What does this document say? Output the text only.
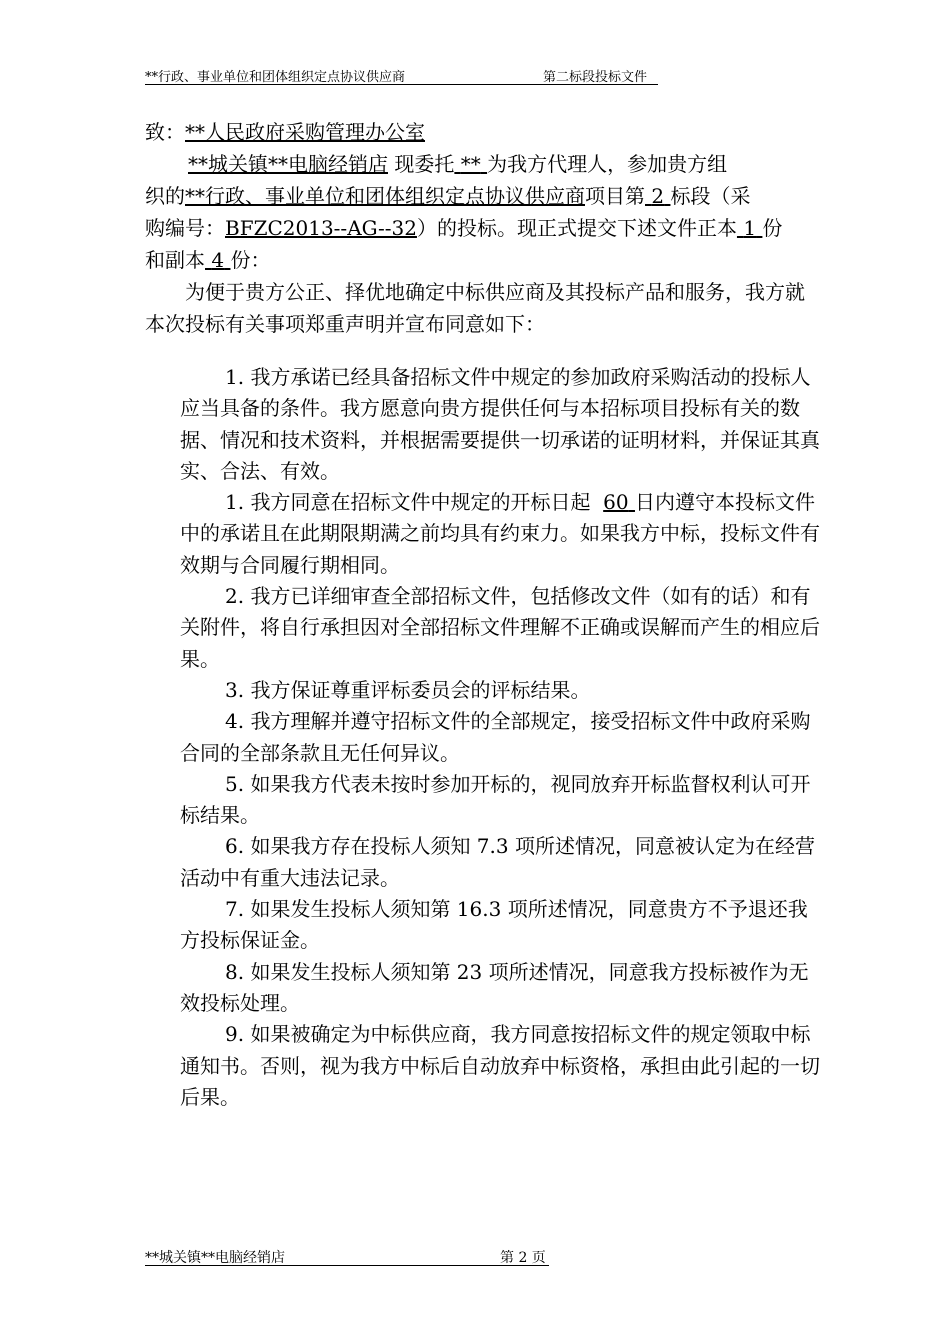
**行政、事业单位和团体组织定点协议供应商	第二标段投标文件

致：**人民政府采购管理办公室

**城关镇**电脑经销店 现委托 ** 为我方代理人，参加贵方组

织的**行政、事业单位和团体组织定点协议供应商项目第 2 标段（采

购编号：BFZC2013--AG--32）的投标。现正式提交下述文件正本 1 份

和副本 4 份：

为便于贵方公正、择优地确定中标供应商及其投标产品和服务，我方就本次投标有关事项郑重声明并宣布同意如下：

1. 我方承诺已经具备招标文件中规定的参加政府采购活动的投标人应当具备的条件。我方愿意向贵方提供任何与本招标项目投标有关的数据、情况和技术资料，并根据需要提供一切承诺的证明材料，并保证其真实、合法、有效。

1. 我方同意在招标文件中规定的开标日起 60 日内遵守本投标文件中的承诺且在此期限期满之前均具有约束力。如果我方中标，投标文件有效期与合同履行期相同。

2. 我方已详细审查全部招标文件，包括修改文件（如有的话）和有关附件，将自行承担因对全部招标文件理解不正确或误解而产生的相应后果。

3. 我方保证尊重评标委员会的评标结果。

4. 我方理解并遵守招标文件的全部规定，接受招标文件中政府采购合同的全部条款且无任何异议。

5. 如果我方代表未按时参加开标的，视同放弃开标监督权利认可开标结果。

6. 如果我方存在投标人须知 7.3 项所述情况，同意被认定为在经营活动中有重大违法记录。

7. 如果发生投标人须知第 16.3 项所述情况，同意贵方不予退还我方投标保证金。

8. 如果发生投标人须知第 23 项所述情况，同意我方投标被作为无效投标处理。

9. 如果被确定为中标供应商，我方同意按招标文件的规定领取中标通知书。否则，视为我方中标后自动放弃中标资格，承担由此引起的一切后果。

**城关镇**电脑经销店	第 2 页
